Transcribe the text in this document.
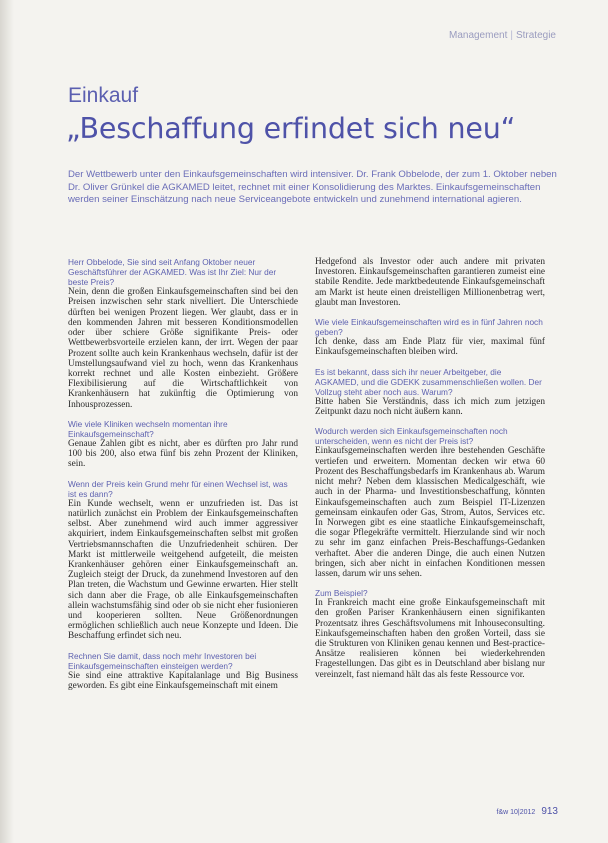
Management | Strategie
Einkauf
„Beschaffung erfindet sich neu“
Der Wettbewerb unter den Einkaufsgemeinschaften wird intensiver. Dr. Frank Obbelode, der zum 1. Oktober neben Dr. Oliver Grünkel die AGKAMED leitet, rechnet mit einer Konsolidierung des Marktes. Einkaufsgemeinschaften werden seiner Einschätzung nach neue Serviceangebote entwickeln und zunehmend international agieren.

Herr Obbelode, Sie sind seit Anfang Oktober neuer Geschäftsführer der AGKAMED. Was ist Ihr Ziel: Nur der beste Preis?

Nein, denn die großen Einkaufsgemeinschaften sind bei den Preisen inzwischen sehr stark nivelliert. Die Unterschiede dürften bei wenigen Prozent liegen. Wer glaubt, dass er in den kommenden Jahren mit besseren Konditionsmodellen oder über schiere Größe signifikante Preis- oder Wettbewerbsvorteile erzielen kann, der irrt. Wegen der paar Prozent sollte auch kein Krankenhaus wechseln, dafür ist der Umstellungsaufwand viel zu hoch, wenn das Krankenhaus korrekt rechnet und alle Kosten einbezieht. Größere Flexibilisierung auf die Wirtschaftlichkeit von Krankenhäusern hat zukünftig die Optimierung von Inhousprozessen.

Wie viele Kliniken wechseln momentan ihre Einkaufsgemeinschaft?

Genaue Zahlen gibt es nicht, aber es dürften pro Jahr rund 100 bis 200, also etwa fünf bis zehn Prozent der Kliniken, sein.

Wenn der Preis kein Grund mehr für einen Wechsel ist, was ist es dann?

Ein Kunde wechselt, wenn er unzufrieden ist. Das ist natürlich zunächst ein Problem der Einkaufsgemeinschaften selbst. Aber zunehmend wird auch immer aggressiver akquiriert, indem Einkaufsgemeinschaften selbst mit großen Vertriebsmannschaften die Unzufriedenheit schüren. Der Markt ist mittlerweile weitgehend aufgeteilt, die meisten Krankenhäuser gehören einer Einkaufsgemeinschaft an. Zugleich steigt der Druck, da zunehmend Investoren auf den Plan treten, die Wachstum und Gewinne erwarten. Hier stellt sich dann aber die Frage, ob alle Einkaufsgemeinschaften allein wachstumsfähig sind oder ob sie nicht eher fusionieren und kooperieren sollten. Neue Größenordnungen ermöglichen schließlich auch neue Konzepte und Ideen. Die Beschaffung erfindet sich neu.

Rechnen Sie damit, dass noch mehr Investoren bei Einkaufsgemeinschaften einsteigen werden?

Sie sind eine attraktive Kapitalanlage und Big Business geworden. Es gibt eine Einkaufsgemeinschaft mit einem

Hedgefond als Investor oder auch andere mit privaten Investoren. Einkaufsgemeinschaften garantieren zumeist eine stabile Rendite. Jede marktbedeutende Einkaufsgemeinschaft am Markt ist heute einen dreistelligen Millionenbetrag wert, glaubt man Investoren.

Wie viele Einkaufsgemeinschaften wird es in fünf Jahren noch geben?

Ich denke, dass am Ende Platz für vier, maximal fünf Einkaufsgemeinschaften bleiben wird.

Es ist bekannt, dass sich ihr neuer Arbeitgeber, die AGKAMED, und die GDEKK zusammenschließen wollen. Der Vollzug steht aber noch aus. Warum?

Bitte haben Sie Verständnis, dass ich mich zum jetzigen Zeitpunkt dazu noch nicht äußern kann.

Wodurch werden sich Einkaufsgemeinschaften noch unterscheiden, wenn es nicht der Preis ist?

Einkaufsgemeinschaften werden ihre bestehenden Geschäfte vertiefen und erweitern. Momentan decken wir etwa 60 Prozent des Beschaffungsbedarfs im Krankenhaus ab. Warum nicht mehr? Neben dem klassischen Medicalgeschäft, wie auch in der Pharma- und Investitionsbeschaffung, könnten Einkaufsgemeinschaften auch zum Beispiel IT-Lizenzen gemeinsam einkaufen oder Gas, Strom, Autos, Services etc. In Norwegen gibt es eine staatliche Einkaufsgemeinschaft, die sogar Pflegekräfte vermittelt. Hierzulande sind wir noch zu sehr im ganz einfachen Preis-Beschaffungs-Gedanken verhaftet. Aber die anderen Dinge, die auch einen Nutzen bringen, sich aber nicht in einfachen Konditionen messen lassen, darum wir uns sehen.

Zum Beispiel?

In Frankreich macht eine große Einkaufsgemeinschaft mit den großen Pariser Krankenhäusern einen signifikanten Prozentsatz ihres Geschäftsvolumens mit Inhouseconsulting. Einkaufsgemeinschaften haben den großen Vorteil, dass sie die Strukturen von Kliniken genau kennen und Best-practice-Ansätze realisieren können bei wiederkehrenden Fragestellungen. Das gibt es in Deutschland aber bislang nur vereinzelt, fast niemand hält das als feste Ressource vor.

f&w 10|2012 913
